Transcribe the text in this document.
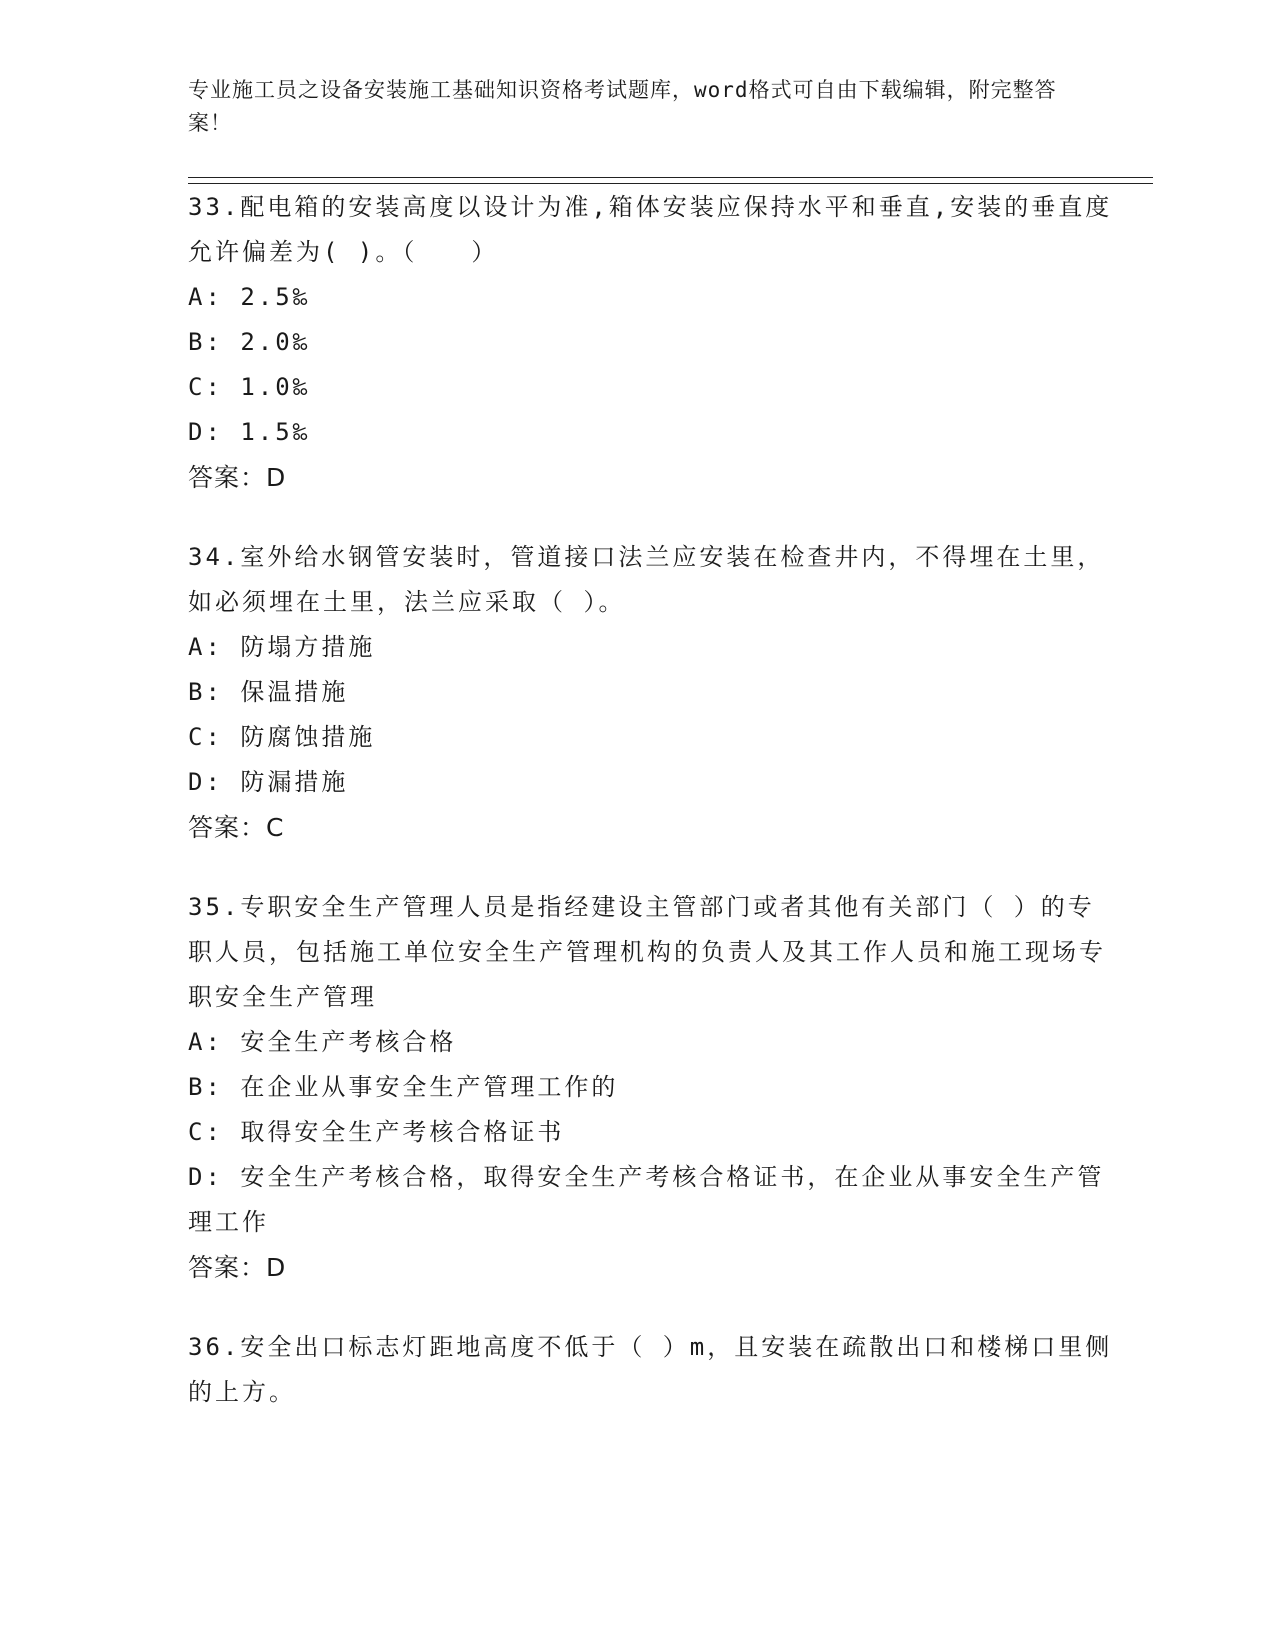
专业施工员之设备安装施工基础知识资格考试题库，word格式可自由下载编辑，附完整答案！
33.配电箱的安装高度以设计为准,箱体安装应保持水平和垂直,安装的垂直度允许偏差为( )。（　　）
A: 2.5‰
B: 2.0‰
C: 1.0‰
D: 1.5‰
答案：D
34.室外给水钢管安装时，管道接口法兰应安装在检查井内，不得埋在土里，如必须埋在土里，法兰应采取（ ）。
A: 防塌方措施
B: 保温措施
C: 防腐蚀措施
D: 防漏措施
答案：C
35.专职安全生产管理人员是指经建设主管部门或者其他有关部门（ ）的专职人员，包括施工单位安全生产管理机构的负责人及其工作人员和施工现场专职安全生产管理
A: 安全生产考核合格
B: 在企业从事安全生产管理工作的
C: 取得安全生产考核合格证书
D: 安全生产考核合格，取得安全生产考核合格证书，在企业从事安全生产管理工作
答案：D
36.安全出口标志灯距地高度不低于（ ）m，且安装在疏散出口和楼梯口里侧的上方。
